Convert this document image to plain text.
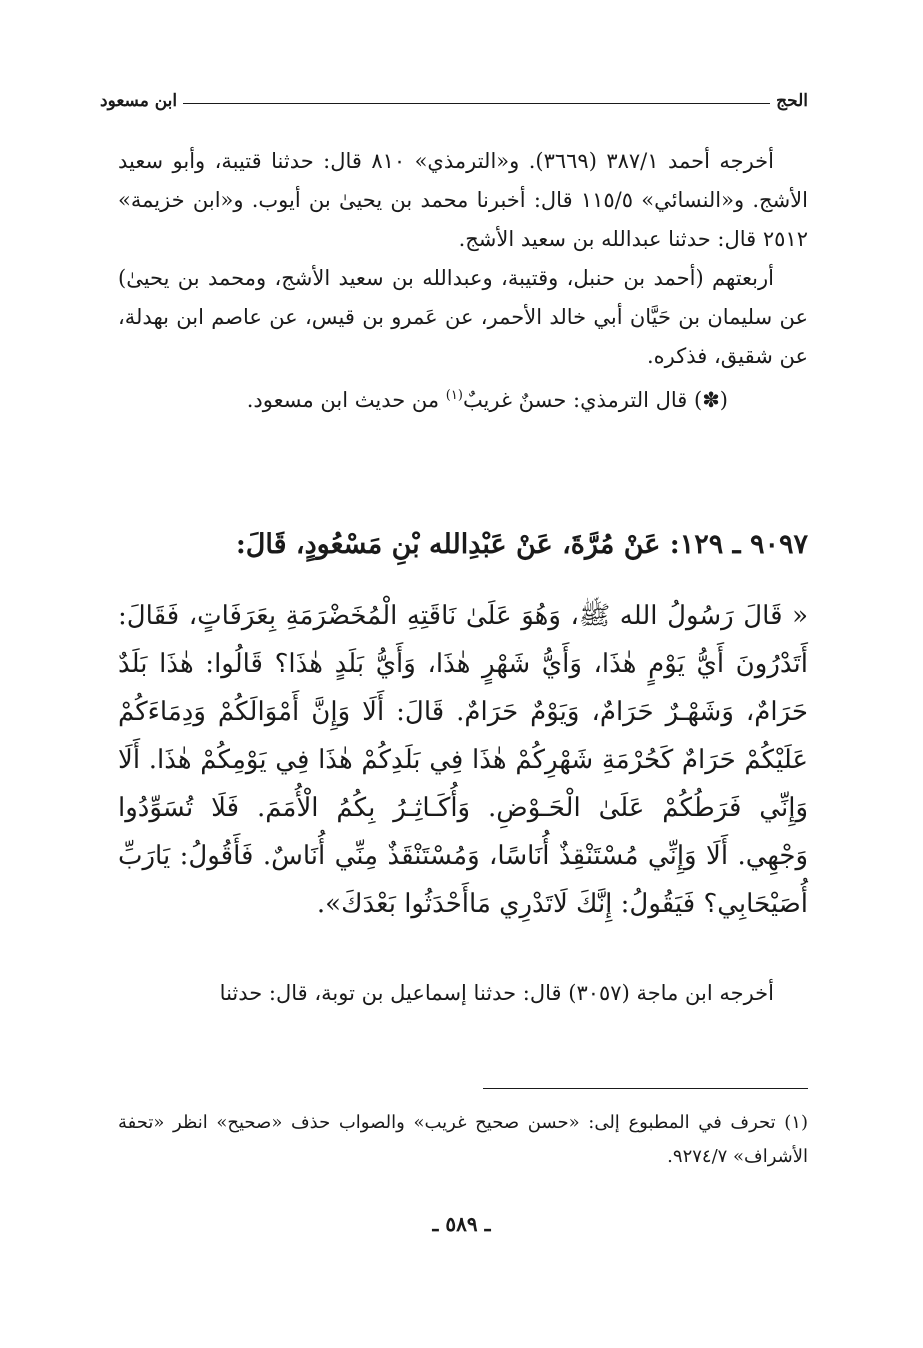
الحج
ابن مسعود

أخرجه أحمد ٣٨٧/١ (٣٦٦٩). و«الترمذي» ٨١٠ قال: حدثنا قتيبة، وأبو سعيد الأشج. و«النسائي» ١١٥/٥ قال: أخبرنا محمد بن يحيىٰ بن أيوب. و«ابن خزيمة» ٢٥١٢ قال: حدثنا عبدالله بن سعيد الأشج.

أربعتهم (أحمد بن حنبل، وقتيبة، وعبدالله بن سعيد الأشج، ومحمد بن يحيىٰ) عن سليمان بن حَيَّان أبي خالد الأحمر، عن عَمرو بن قيس، عن عاصم ابن بهدلة، عن شقيق، فذكره.

(✽) قال الترمذي: حسنٌ غريبٌ$^{(١)}$ من حديث ابن مسعود.

٩٠٩٧ ـ ١٢٩: عَنْ مُرَّةَ، عَنْ عَبْدِالله بْنِ مَسْعُودٍ، قَالَ:
« قَالَ رَسُولُ الله ﷺ، وَهُوَ عَلَىٰ نَاقَتِهِ الْمُخَضْرَمَةِ بِعَرَفَاتٍ، فَقَالَ: أَتَدْرُونَ أَيُّ يَوْمٍ هٰذَا، وَأَيُّ شَهْرٍ هٰذَا، وَأَيُّ بَلَدٍ هٰذَا؟ قَالُوا: هٰذَا بَلَدٌ حَرَامٌ، وَشَهْـرٌ حَرَامٌ، وَيَوْمٌ حَرَامٌ. قَالَ: أَلَا وَإِنَّ أَمْوَالَكُمْ وَدِمَاءَكُمْ عَلَيْكُمْ حَرَامٌ كَحُرْمَةِ شَهْرِكُمْ هٰذَا فِي بَلَدِكُمْ هٰذَا فِي يَوْمِكُمْ هٰذَا. أَلَا وَإِنِّي فَرَطُكُمْ عَلَىٰ الْحَـوْضِ. وَأُكَـاثِـرُ بِكُمُ الْأُمَمَ. فَلَا تُسَوِّدُوا وَجْهِي. أَلَا وَإِنِّي مُسْتَنْقِذٌ أُنَاسًا، وَمُسْتَنْقَذٌ مِنِّي أُنَاسٌ. فَأَقُولُ: يَارَبِّ أُصَيْحَابِي؟ فَيَقُولُ: إِنَّكَ لَاتَدْرِي مَاأَحْدَثُوا بَعْدَكَ».

أخرجه ابن ماجة (٣٠٥٧) قال: حدثنا إسماعيل بن توبة، قال: حدثنا

(١) تحرف في المطبوع إلى: «حسن صحيح غريب» والصواب حذف «صحيح» انظر «تحفة الأشراف» ٩٢٧٤/٧.

ـ ٥٨٩ ـ
